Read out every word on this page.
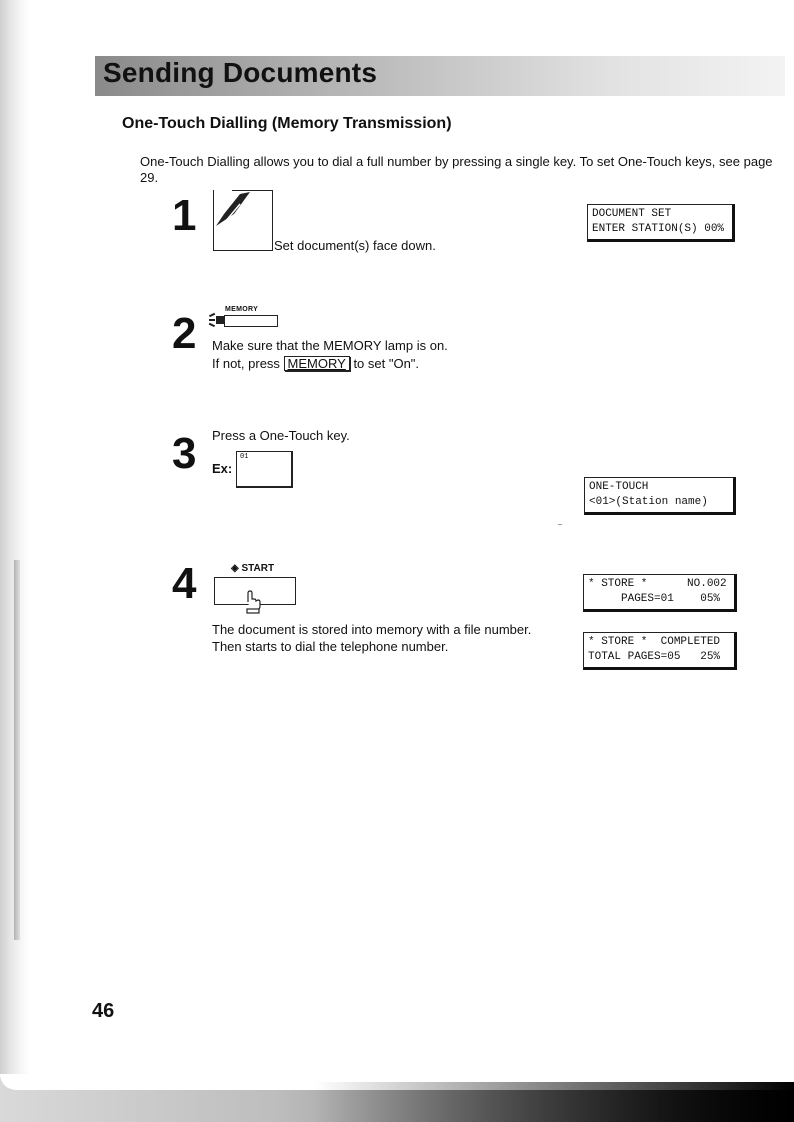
Sending Documents
One-Touch Dialling (Memory Transmission)

One-Touch Dialling allows you to dial a full number by pressing a single key. To set One-Touch keys, see page 29.

1
Set document(s) face down.
DOCUMENT SET
ENTER STATION(S) 00%
2	MEMORY
Make sure that the MEMORY lamp is on.
If not, press MEMORY to set "On".
3 Press a One-Touch key.
Ex:
01
ONE-TOUCH
<01>(Station name)
4	◈ START
The document is stored into memory with a file number.
Then starts to dial the telephone number.
* STORE *      NO.002
PAGES=01    05%
* STORE *  COMPLETED
TOTAL PAGES=05   25%

46
